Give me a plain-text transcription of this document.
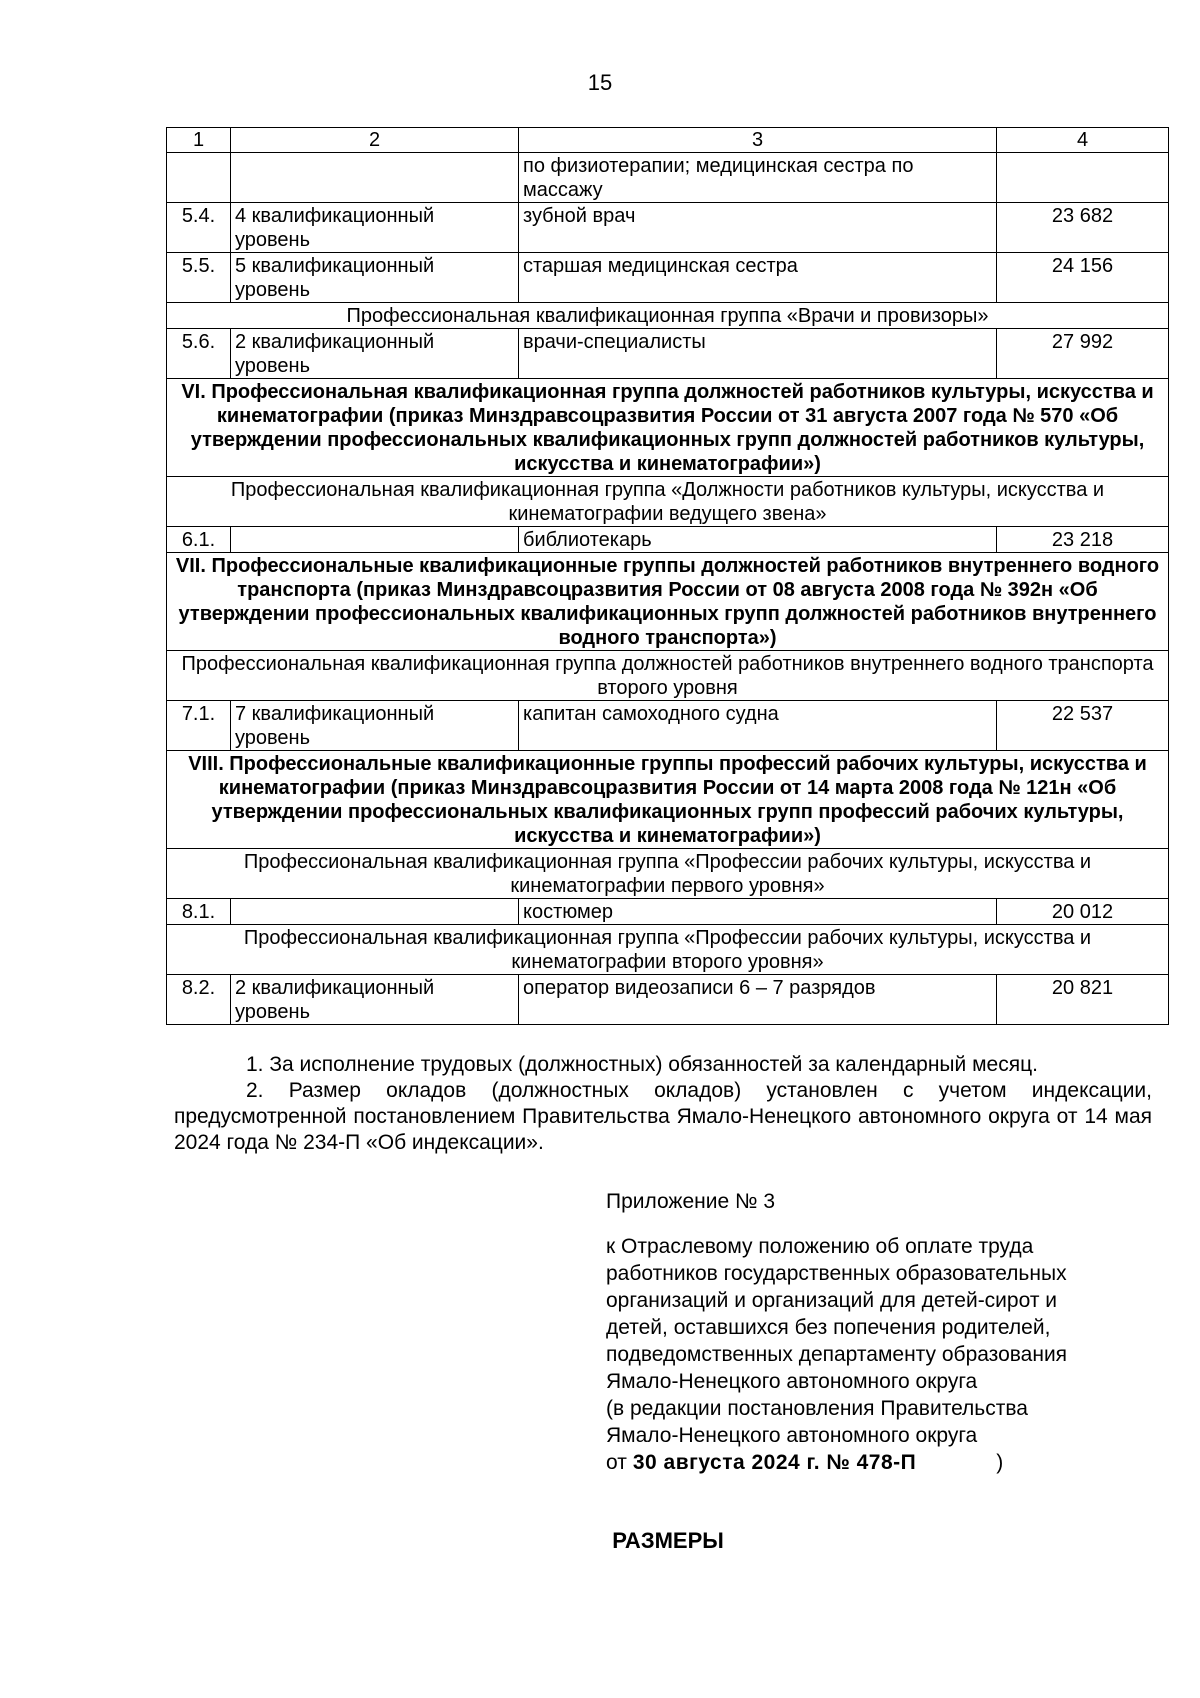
15
1	2	3	4
		по физиотерапии; медицинская сестра по массажу	
5.4.	4 квалификационный уровень	зубной врач	23 682
5.5.	5 квалификационный уровень	старшая медицинская сестра	24 156
Профессиональная квалификационная группа «Врачи и провизоры»			
5.6.	2 квалификационный уровень	врачи-специалисты	27 992
VI. Профессиональная квалификационная группа должностей работников культуры, искусства и кинематографии (приказ Минздравсоцразвития России от 31 августа 2007 года № 570 «Об утверждении профессиональных квалификационных групп должностей работников культуры, искусства и кинематографии»)			
Профессиональная квалификационная группа «Должности работников культуры, искусства и кинематографии ведущего звена»			
6.1.		библиотекарь	23 218
VII. Профессиональные квалификационные группы должностей работников внутреннего водного транспорта (приказ Минздравсоцразвития России от 08 августа 2008 года № 392н «Об утверждении профессиональных квалификационных групп должностей работников внутреннего водного транспорта»)			
Профессиональная квалификационная группа должностей работников внутреннего водного транспорта второго уровня			
7.1.	7 квалификационный уровень	капитан самоходного судна	22 537
VIII. Профессиональные квалификационные группы профессий рабочих культуры, искусства и кинематографии (приказ Минздравсоцразвития России от 14 марта 2008 года № 121н «Об утверждении профессиональных квалификационных групп профессий рабочих культуры, искусства и кинематографии»)			
Профессиональная квалификационная группа «Профессии рабочих культуры, искусства и кинематографии первого уровня»			
8.1.		костюмер	20 012
Профессиональная квалификационная группа «Профессии рабочих культуры, искусства и кинематографии второго уровня»			
8.2.	2 квалификационный уровень	оператор видеозаписи 6 – 7 разрядов	20 821

1. За исполнение трудовых (должностных) обязанностей за календарный месяц.

2. Размер окладов (должностных окладов) установлен с учетом индексации, предусмотренной постановлением Правительства Ямало-Ненецкого автономного округа от 14 мая 2024 года № 234-П «Об индексации».

Приложение № 3
к Отраслевому положению об оплате труда
работников государственных образовательных
организаций и организаций для детей-сирот и
детей, оставшихся без попечения родителей,
подведомственных департаменту образования
Ямало-Ненецкого автономного округа
(в редакции постановления Правительства
Ямало-Ненецкого автономного округа
от 30 августа 2024 г. № 478-П	)
РАЗМЕРЫ
